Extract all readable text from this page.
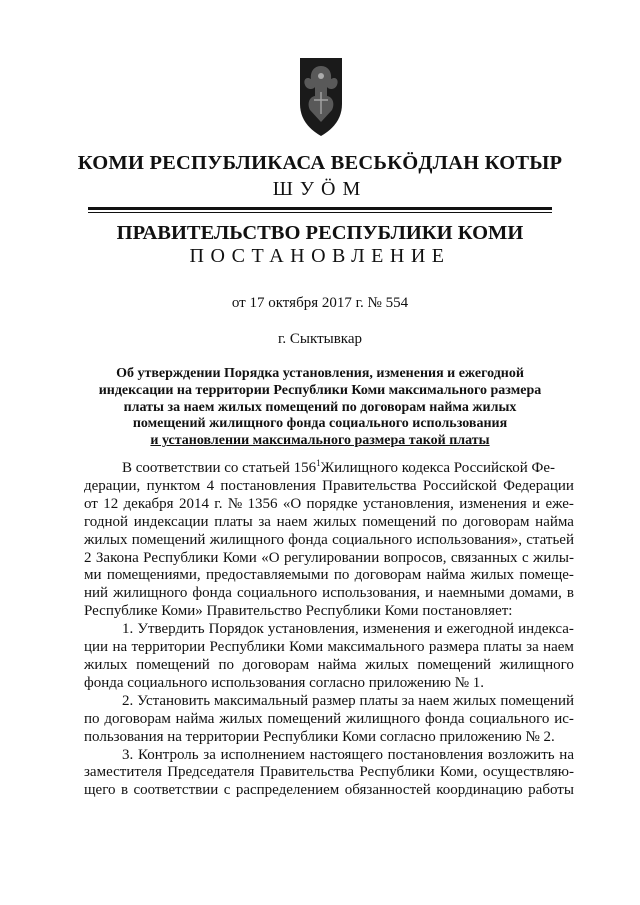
КОМИ РЕСПУБЛИКАСА ВЕСЬКӦДЛАН КОТЫР
ШУӦМ
ПРАВИТЕЛЬСТВО РЕСПУБЛИКИ КОМИ
ПОСТАНОВЛЕНИЕ
от 17 октября 2017 г. № 554
г. Сыктывкар
Об утверждении Порядка установления, изменения и ежегодной
индексации на территории Республики Коми максимального размера
платы за наем жилых помещений по договорам найма жилых
помещений жилищного фонда социального использования
и установлении максимального размера такой платы
В соответствии со статьей $156^1Жилищного$ кодекса Российской Фе-
дерации, пунктом 4 постановления Правительства Российской Федерации
от 12 декабря 2014 г. № 1356 «О порядке установления, изменения и еже-
годной индексации платы за наем жилых помещений по договорам найма
жилых помещений жилищного фонда социального использования», статьей
2 Закона Республики Коми «О регулировании вопросов, связанных с жилы-
ми помещениями, предоставляемыми по договорам найма жилых помеще-
ний жилищного фонда социального использования, и наемными домами, в
Республике Коми» Правительство Республики Коми постановляет:
1. Утвердить Порядок установления, изменения и ежегодной индекса-
ции на территории Республики Коми максимального размера платы за наем
жилых помещений по договорам найма жилых помещений жилищного
фонда социального использования согласно приложению № 1.
2. Установить максимальный размер платы за наем жилых помещений
по договорам найма жилых помещений жилищного фонда социального ис-
пользования на территории Республики Коми согласно приложению № 2.
3. Контроль за исполнением настоящего постановления возложить на
заместителя Председателя Правительства Республики Коми, осуществляю-
щего в соответствии с распределением обязанностей координацию работы
